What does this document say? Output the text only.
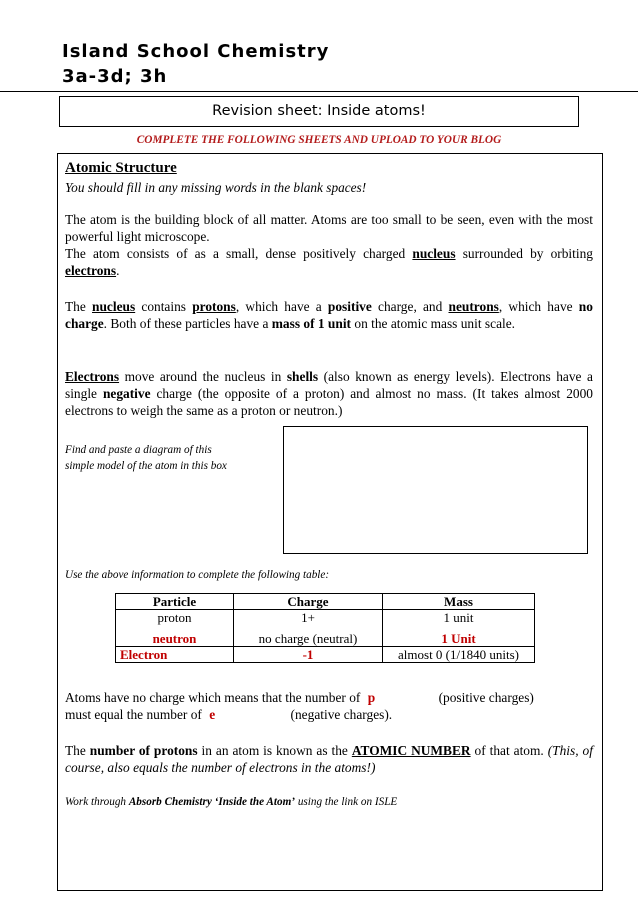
Island School Chemistry
3a-3d; 3h
Revision sheet: Inside atoms!
COMPLETE THE FOLLOWING SHEETS AND UPLOAD TO YOUR BLOG
Atomic Structure
You should fill in any missing words in the blank spaces!
The atom is the building block of all matter. Atoms are too small to be seen, even with the most powerful light microscope.
The atom consists of as a small, dense positively charged nucleus surrounded by orbiting electrons.
The nucleus contains protons, which have a positive charge, and neutrons, which have no charge. Both of these particles have a mass of 1 unit on the atomic mass unit scale.
Electrons move around the nucleus in shells (also known as energy levels). Electrons have a single negative charge (the opposite of a proton) and almost no mass. (It takes almost 2000 electrons to weigh the same as a proton or neutron.)
Find and paste a diagram of this
simple model of the atom in this box
Use the above information to complete the following table:
Particle	Charge	Mass
proton	1+	1 unit
neutron	no charge (neutral)	1 Unit
Electron	-1	almost 0 (1/1840 units)
Atoms have no charge which means that the number of p	(positive charges)
must equal the number of e	(negative charges).
The number of protons in an atom is known as the ATOMIC NUMBER of that atom. (This, of course, also equals the number of electrons in the atoms!)
Work through Absorb Chemistry ‘Inside the Atom’ using the link on ISLE
